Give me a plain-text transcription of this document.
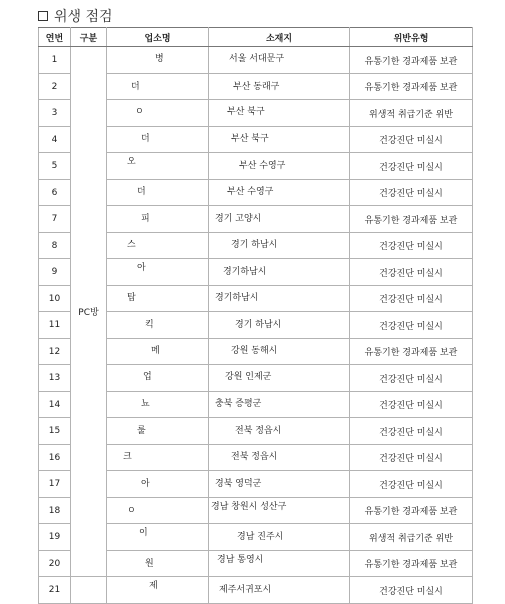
위생 점검
연번	구분	업소명	소재지	위반유형
1	PC방	병	서울 서대문구	유통기한 경과제품 보관
2		더	부산 동래구	유통기한 경과제품 보관
3		ㅇ	부산 북구	위생적 취급기준 위반
4		더	부산 북구	건강진단 미실시
5		오	부산 수영구	건강진단 미실시
6		더	부산 수영구	건강진단 미실시
7		피	경기 고양시	유통기한 경과제품 보관
8		스	경기 하남시	건강진단 미실시
9		아	경기하남시	건강진단 미실시
10		탑	경기하남시	건강진단 미실시
11		킥	경기 하남시	건강진단 미실시
12		메	강원 동해시	유통기한 경과제품 보관
13		업	강원 인제군	건강진단 미실시
14		뇨	충북 증평군	건강진단 미실시
15		룰	전북 정읍시	건강진단 미실시
16		크	전북 정읍시	건강진단 미실시
17		아	경북 영덕군	건강진단 미실시
18		ㅇ	경남 창원시 성산구	유통기한 경과제품 보관
19		이	경남 진주시	위생적 취급기준 위반
20		원	경남 통영시	유통기한 경과제품 보관
21		제	제주서귀포시	건강진단 미실시
